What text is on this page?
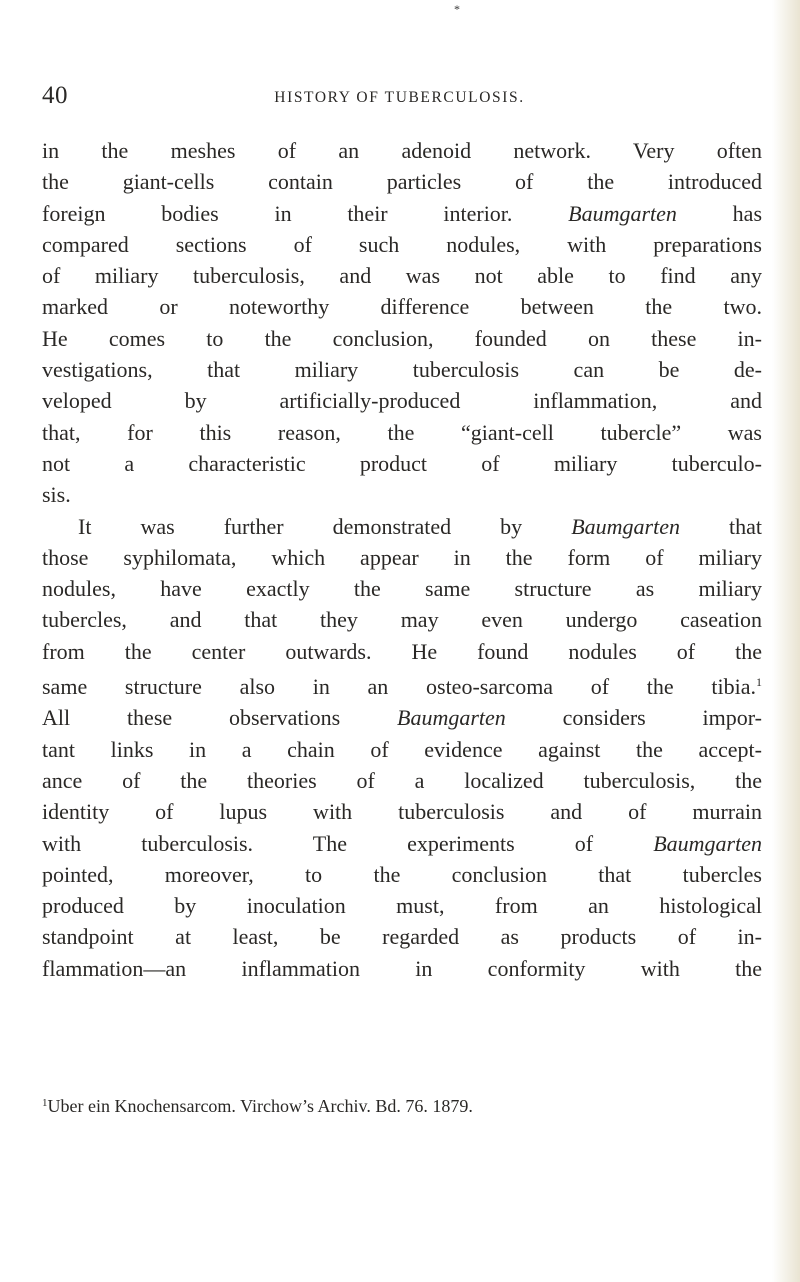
*
40	HISTORY OF TUBERCULOSIS.
in the meshes of an adenoid network. Very often
the giant-cells contain particles of the introduced
foreign bodies in their interior. Baumgarten has
compared sections of such nodules, with preparations
of miliary tuberculosis, and was not able to find any
marked or noteworthy difference between the two.
He comes to the conclusion, founded on these in-
vestigations, that miliary tuberculosis can be de-
veloped by artificially-produced inflammation, and
that, for this reason, the “giant-cell tubercle” was
not a characteristic product of miliary tuberculo-
sis.
It was further demonstrated by Baumgarten that
those syphilomata, which appear in the form of miliary
nodules, have exactly the same structure as miliary
tubercles, and that they may even undergo caseation
from the center outwards. He found nodules of the
same structure also in an osteo-sarcoma of the tibia.$^1$
All these observations Baumgarten considers impor-
tant links in a chain of evidence against the accept-
ance of the theories of a localized tuberculosis, the
identity of lupus with tuberculosis and of murrain
with tuberculosis. The experiments of Baumgarten
pointed, moreover, to the conclusion that tubercles
produced by inoculation must, from an histological
standpoint at least, be regarded as products of in-
flammation—an inflammation in conformity with the
$^1$Uber ein Knochensarcom. Virchow’s Archiv. Bd. 76. 1879.
